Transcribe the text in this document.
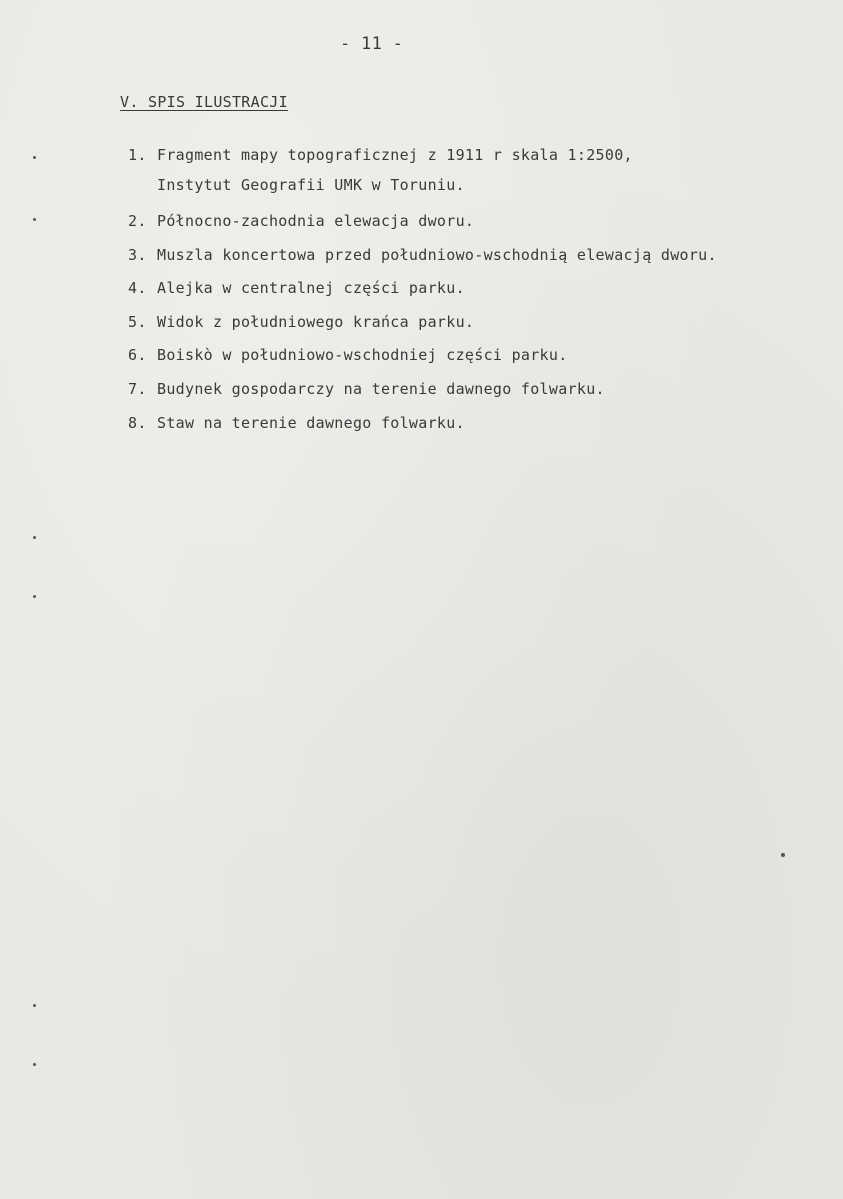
- 11 -
V. SPIS ILUSTRACJI
1. Fragment mapy topograficznej z 1911 r skala 1:2500,
Instytut Geografii UMK w Toruniu.
2. Północno-zachodnia elewacja dworu.
3. Muszla koncertowa przed południowo-wschodnią elewacją dworu.
4. Alejka w centralnej części parku.
5. Widok z południowego krańca parku.
6. Boiskò w południowo-wschodniej części parku.
7. Budynek gospodarczy na terenie dawnego folwarku.
8. Staw na terenie dawnego folwarku.
